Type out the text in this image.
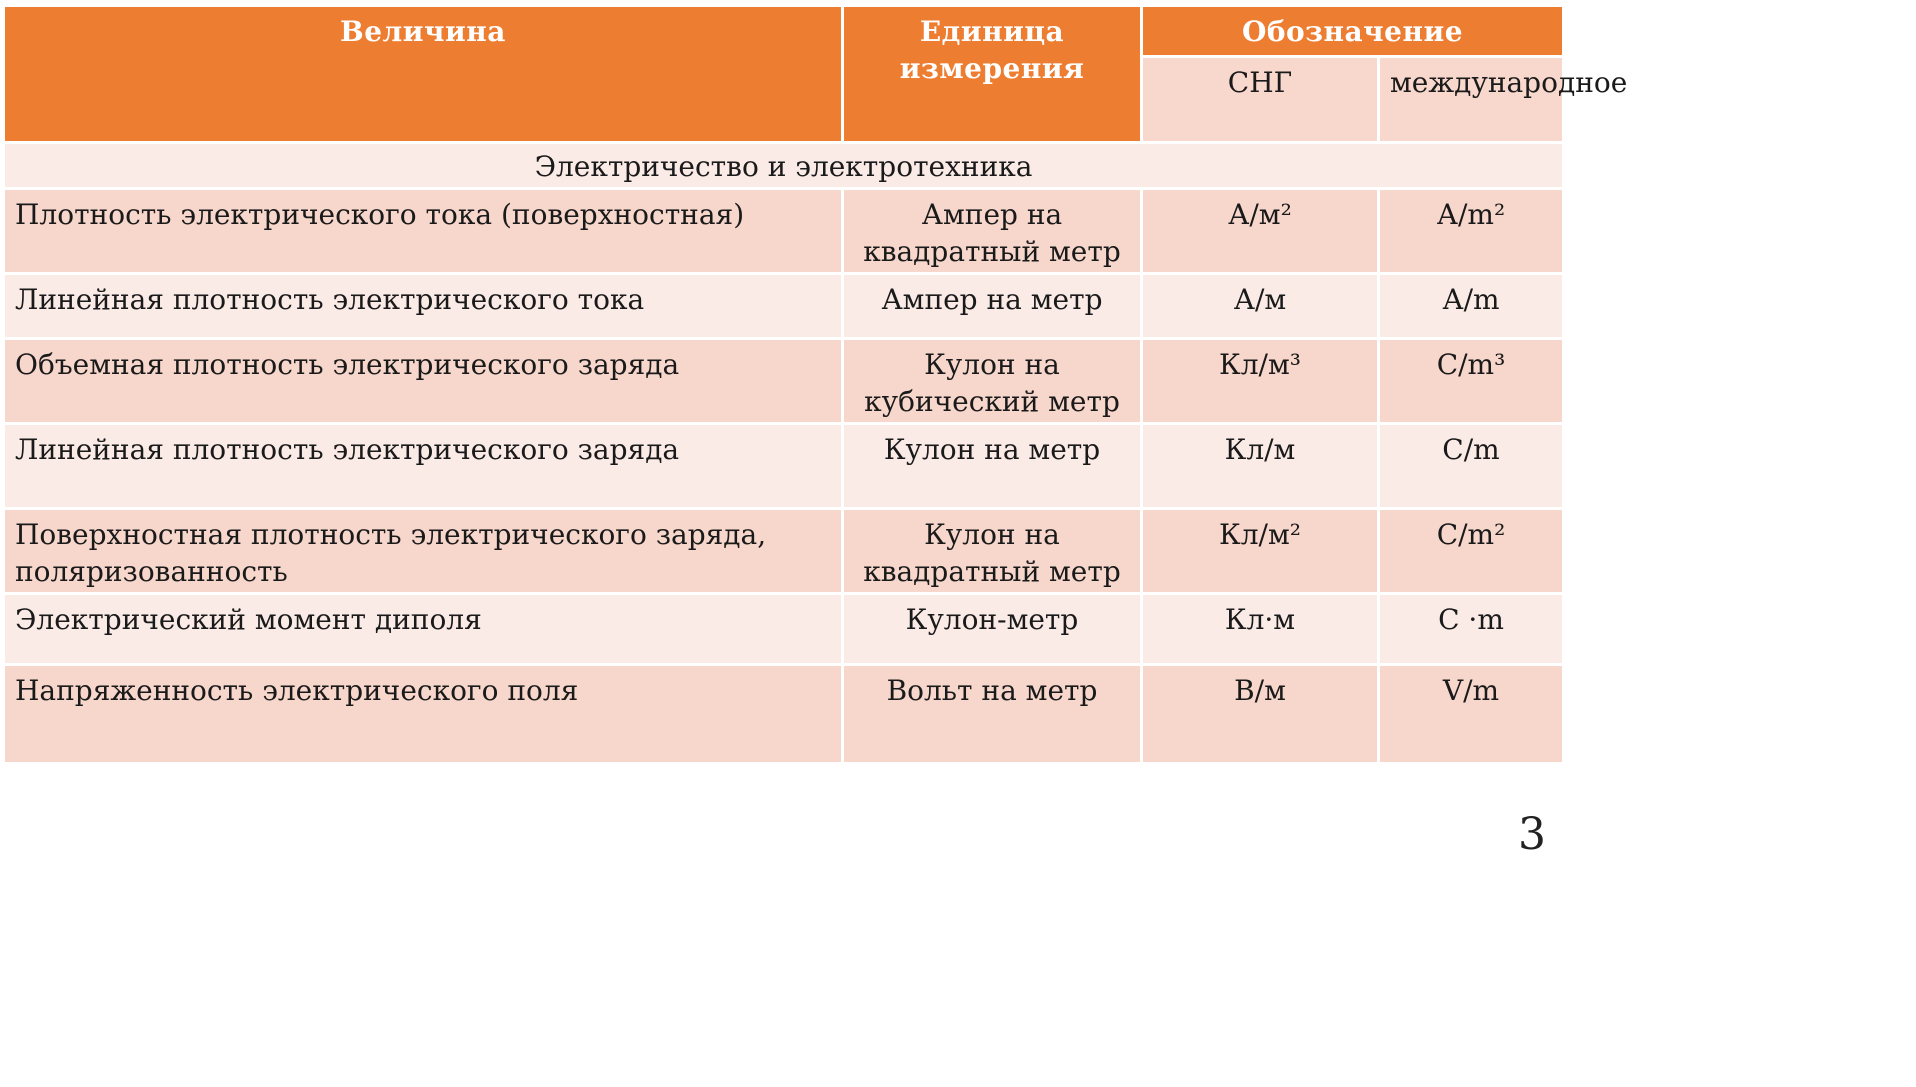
Величина	Единица измерения	Обозначение	
		СНГ	международное
Электричество и электротехника			
Плотность электрического тока (поверхностная)	Ампер на квадратный метр	А/м²	А/m²
Линейная плотность электрического тока	Ампер на метр	А/м	А/m
Объемная плотность электрического заряда	Кулон на кубический метр	Кл/м³	С/m³
Линейная плотность электрического заряда	Кулон на метр	Кл/м	С/m
Поверхностная плотность электрического заряда, поляризованность	Кулон на квадратный метр	Кл/м²	С/m²
Электрический момент диполя	Кулон-метр	Кл·м	С ·m
Напряженность электрического поля	Вольт на метр	В/м	V/m
3
